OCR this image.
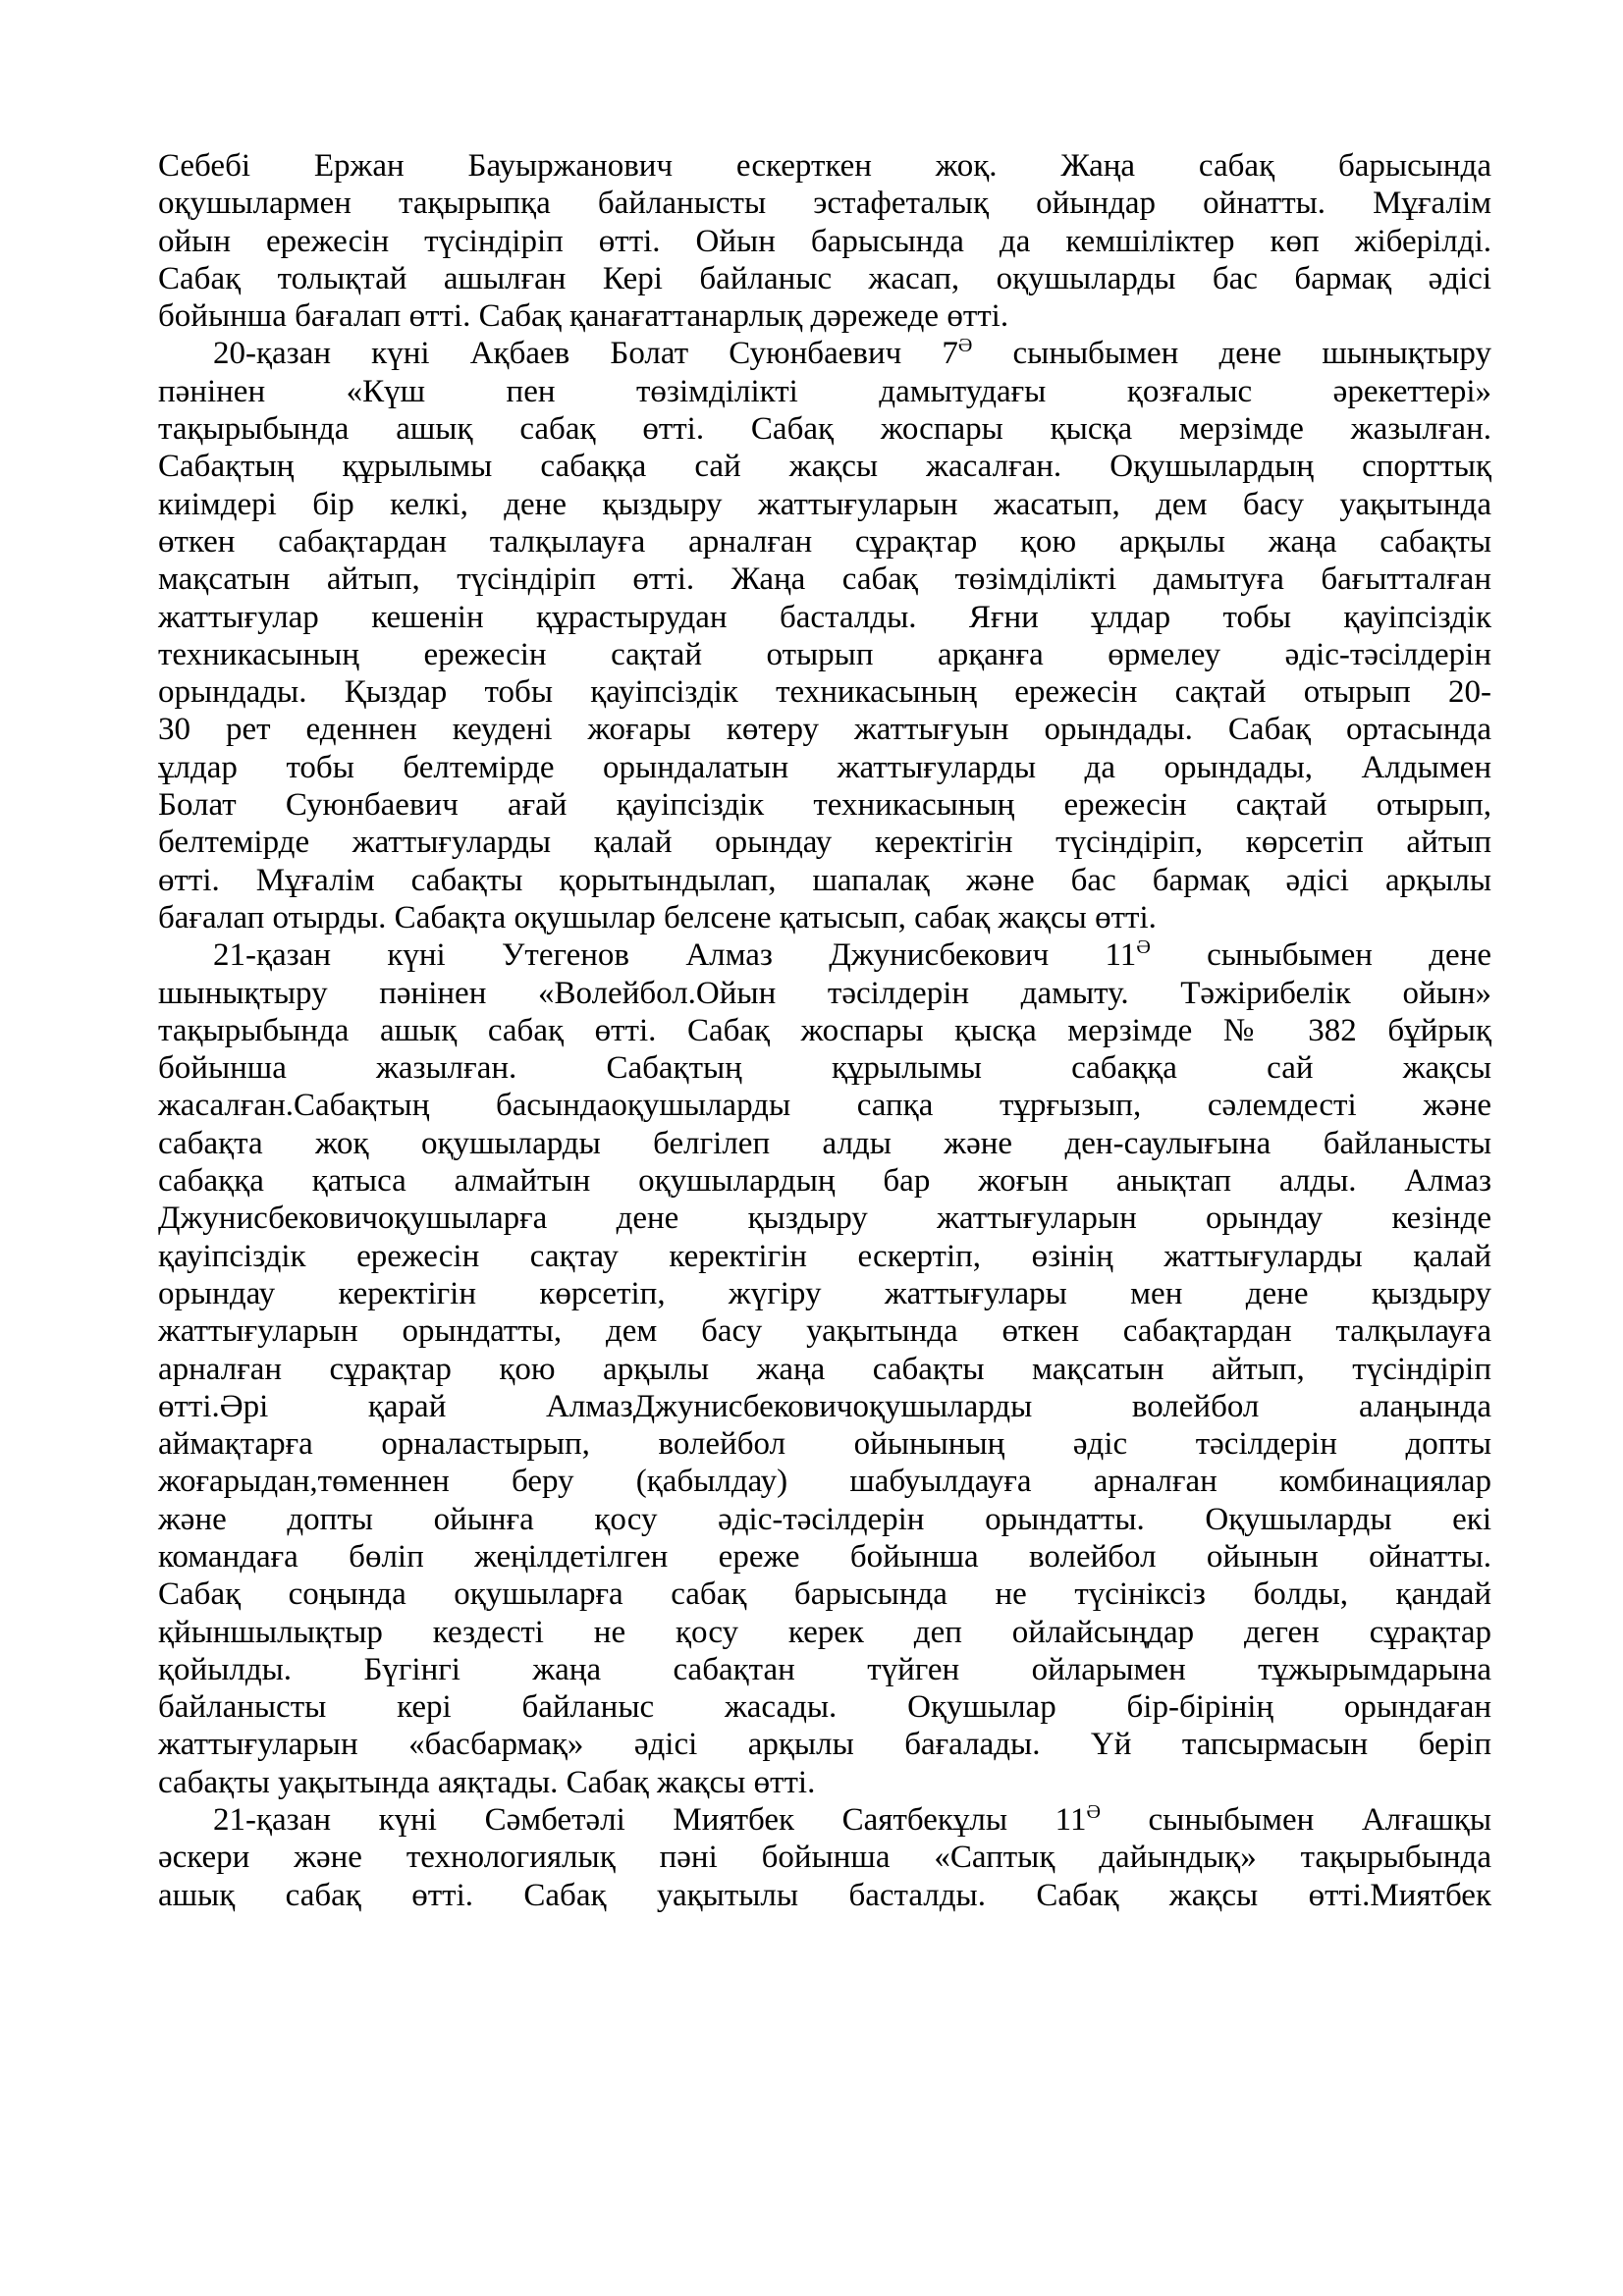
Себебі Ержан Бауыржанович ескерткен жоқ. Жаңа сабақ барысында
оқушылармен тақырыпқа байланысты эстафеталық ойындар ойнатты. Мұғалім
ойын ережесін түсіндіріп өтті. Ойын барысында да кемшіліктер көп жіберілді.
Сабақ толықтай ашылған Кері байланыс жасап, оқушыларды бас бармақ әдісі
бойынша бағалап өтті. Сабақ қанағаттанарлық дәрежеде өтті.
20-қазан күні Ақбаев Болат Суюнбаевич $7^Ә$ сыныбымен дене шынықтыру
пәнінен «Күш пен төзімділікті дамытудағы қозғалыс әрекеттері»
тақырыбында ашық сабақ өтті. Сабақ жоспары қысқа мерзімде жазылған.
Сабақтың құрылымы сабаққа сай жақсы жасалған. Оқушылардың спорттық
киімдері бір келкі, дене қыздыру жаттығуларын жасатып, дем басу уақытында
өткен сабақтардан талқылауға арналған сұрақтар қою арқылы жаңа сабақты
мақсатын айтып, түсіндіріп өтті. Жаңа сабақ төзімділікті дамытуға бағытталған
жаттығулар кешенін құрастырудан басталды. Яғни ұлдар тобы қауіпсіздік
техникасының ережесін сақтай отырып арқанға өрмелеу әдіс-тәсілдерін
орындады. Қыздар тобы қауіпсіздік техникасының ережесін сақтай отырып 20-
30 рет еденнен кеудені жоғары көтеру жаттығуын орындады. Сабақ ортасында
ұлдар тобы белтемірде орындалатын жаттығуларды да орындады, Алдымен
Болат Суюнбаевич ағай қауіпсіздік техникасының ережесін сақтай отырып,
белтемірде жаттығуларды қалай орындау керектігін түсіндіріп, көрсетіп айтып
өтті. Мұғалім сабақты қорытындылап, шапалақ және бас бармақ әдісі арқылы
бағалап отырды. Сабақта оқушылар белсене қатысып, сабақ жақсы өтті.
21-қазан күні Утегенов Алмаз Джунисбекович $11^Ә$ сыныбымен дене
шынықтыру пәнінен «Волейбол.Ойын тәсілдерін дамыту. Тәжірибелік ойын»
тақырыбында ашық сабақ өтті. Сабақ жоспары қысқа мерзімде № 382 бұйрық
бойынша жазылған. Сабақтың құрылымы сабаққа сай жақсы
жасалған.Сабақтың басындаоқушыларды сапқа тұрғызып, сәлемдесті және
сабақта жоқ оқушыларды белгілеп алды және ден-саулығына байланысты
сабаққа қатыса алмайтын оқушылардың бар жоғын анықтап алды. Алмаз
Джунисбековичоқушыларға дене қыздыру жаттығуларын орындау кезінде
қауіпсіздік ережесін сақтау керектігін ескертіп, өзінің жаттығуларды қалай
орындау керектігін көрсетіп, жүгіру жаттығулары мен дене қыздыру
жаттығуларын орындатты, дем басу уақытында өткен сабақтардан талқылауға
арналған сұрақтар қою арқылы жаңа сабақты мақсатын айтып, түсіндіріп
өтті.Әрі қарай АлмазДжунисбековичоқушыларды волейбол алаңында
аймақтарға орналастырып, волейбол ойынының әдіс тәсілдерін допты
жоғарыдан,төменнен беру (қабылдау) шабуылдауға арналған комбинациялар
және допты ойынға қосу әдіс-тәсілдерін орындатты. Оқушыларды екі
командаға бөліп жеңілдетілген ереже бойынша волейбол ойынын ойнатты.
Сабақ соңында оқушыларға сабақ барысында не түсініксіз болды, қандай
қйыншылықтыр кездесті не қосу керек деп ойлайсыңдар деген сұрақтар
қойылды. Бүгінгі жаңа сабақтан түйген ойларымен тұжырымдарына
байланысты кері байланыс жасады. Оқушылар бір-бірінің орындаған
жаттығуларын «басбармақ» әдісі арқылы бағалады. Үй тапсырмасын беріп
сабақты уақытында аяқтады. Сабақ жақсы өтті.
21-қазан күні Сәмбетәлі Миятбек Саятбекұлы $11^Ә$ сыныбымен Алғашқы
әскери және технологиялық пәні бойынша «Саптық дайындық» тақырыбында
ашық сабақ өтті. Сабақ уақытылы басталды. Сабақ жақсы өтті.Миятбек
